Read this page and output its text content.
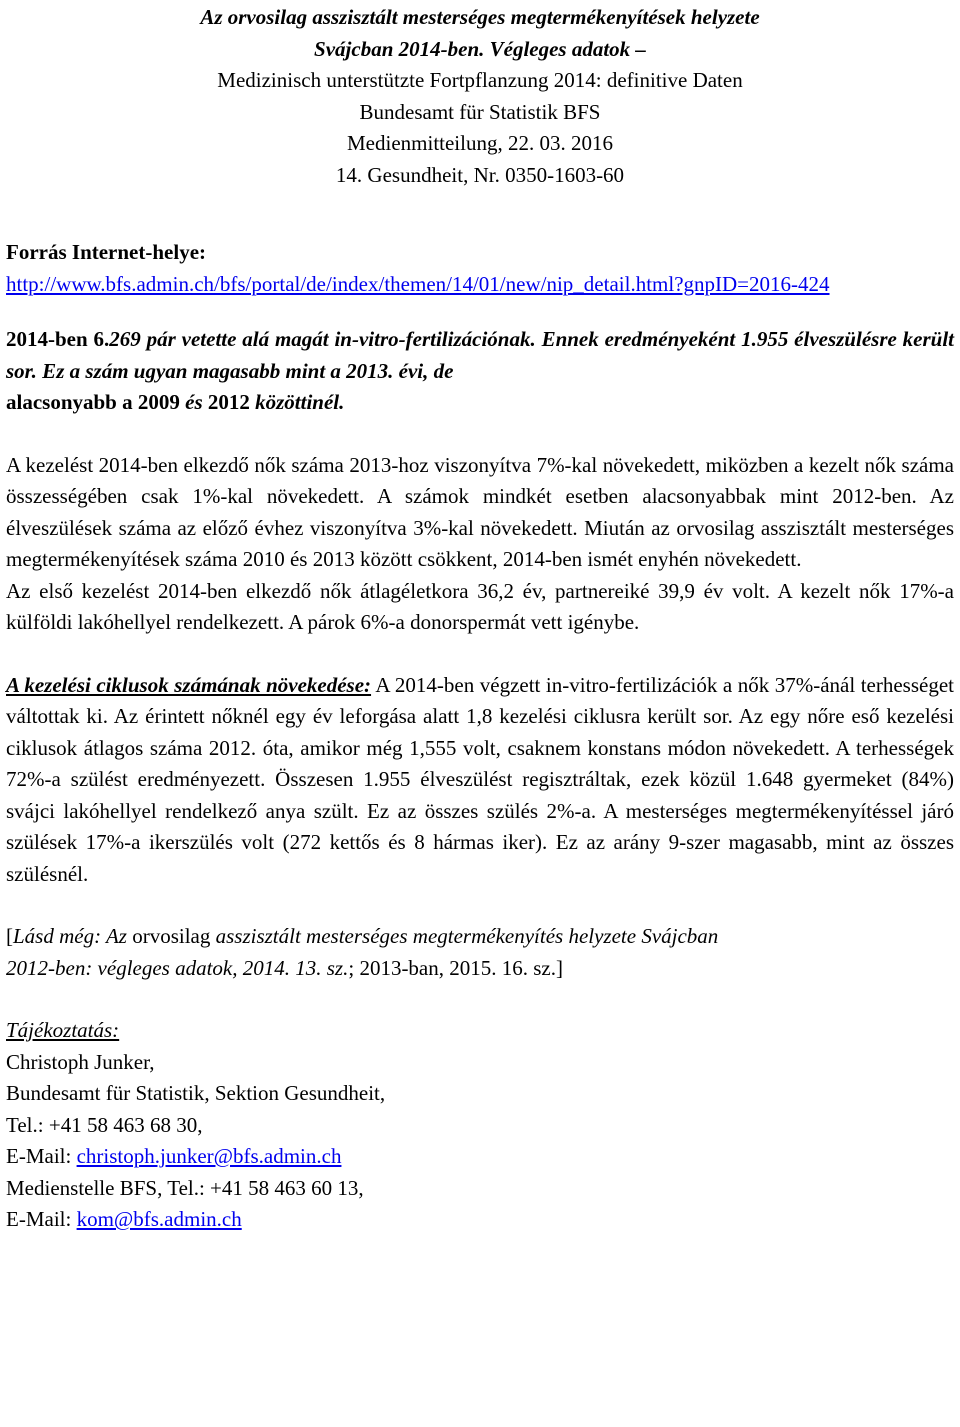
Az orvosilag asszisztált mesterséges megtermékenyítések helyzete
Svájcban 2014-ben. Végleges adatok –
Medizinisch unterstützte Fortpflanzung 2014: definitive Daten
Bundesamt für Statistik BFS
Medienmitteilung, 22. 03. 2016
14. Gesundheit, Nr. 0350-1603-60
Forrás Internet-helye:
http://www.bfs.admin.ch/bfs/portal/de/index/themen/14/01/new/nip_detail.html?gnpID=2016-424

2014-ben 6.269 pár vetette alá magát in-vitro-fertilizációnak. Ennek eredményeként 1.955 élveszülésre került sor. Ez a szám ugyan magasabb mint a 2013. évi, de
alacsonyabb a 2009 és 2012 közöttinél.

A kezelést 2014-ben elkezdő nők száma 2013-hoz viszonyítva 7%-kal növekedett, miközben a kezelt nők száma összességében csak 1%-kal növekedett. A számok mindkét esetben alacsonyabbak mint 2012-ben. Az élveszülések száma az előző évhez viszonyítva 3%-kal növekedett. Miután az orvosilag asszisztált mesterséges megtermékenyítések száma 2010 és 2013 között csökkent, 2014-ben ismét enyhén növekedett.

Az első kezelést 2014-ben elkezdő nők átlagéletkora 36,2 év, partnereiké 39,9 év volt. A kezelt nők 17%-a külföldi lakóhellyel rendelkezett. A párok 6%-a donorspermát vett igénybe.

A kezelési ciklusok számának növekedése: A 2014-ben végzett in-vitro-fertilizációk a nők 37%-ánál terhességet váltottak ki. Az érintett nőknél egy év leforgása alatt 1,8 kezelési ciklusra került sor. Az egy nőre eső kezelési ciklusok átlagos száma 2012. óta, amikor még 1,555 volt, csaknem konstans módon növekedett. A terhességek 72%-a szülést eredményezett. Összesen 1.955 élveszülést regisztráltak, ezek közül 1.648 gyermeket (84%) svájci lakóhellyel rendelkező anya szült. Ez az összes szülés 2%-a. A mesterséges megtermékenyítéssel járó szülések 17%-a ikerszülés volt (272 kettős és 8 hármas iker). Ez az arány 9-szer magasabb, mint az összes szülésnél.

[Lásd még: Az orvosilag asszisztált mesterséges megtermékenyítés helyzete Svájcban
2012-ben: végleges adatok, 2014. 13. sz.; 2013-ban, 2015. 16. sz.]

Tájékoztatás:
Christoph Junker,
Bundesamt für Statistik, Sektion Gesundheit,
Tel.: +41 58 463 68 30,
E-Mail: christoph.junker@bfs.admin.ch
Medienstelle BFS, Tel.: +41 58 463 60 13,
E-Mail: kom@bfs.admin.ch
